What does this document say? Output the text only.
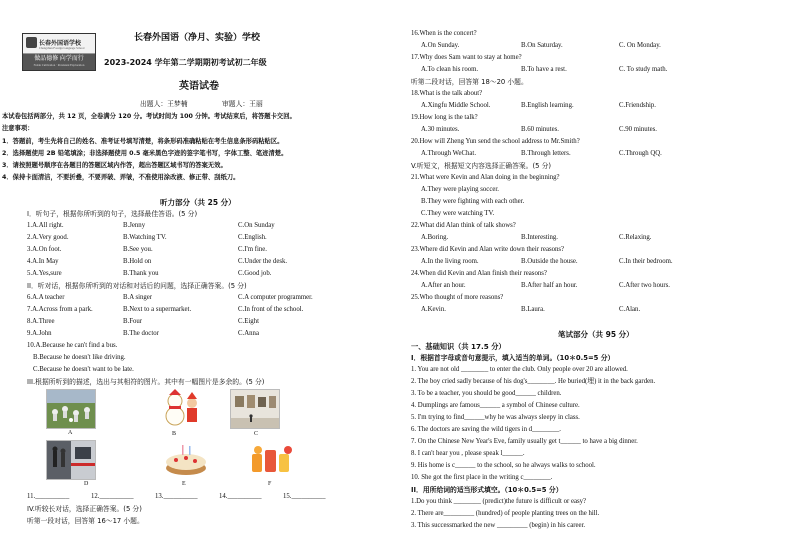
长春外国语学校
Changchun Foreign Language School
做品德修 向学而行
Noble Cultivation · Persistent Exploration
长春外国语（净月、实验）学校
2023-2024 学年第二学期期初考试初二年级
英语试卷
出题人：王梦楠	审题人：王丽
本试卷包括两部分，共 12 页，全卷满分 120 分。考试时间为 100 分钟。考试结束后，将答题卡交回。
注意事项：
1．答题前，考生先将自己的姓名、准考证号填写清楚，将条形码准确粘贴在考生信息条形码粘贴区。
2．选择题使用 2B 铅笔填涂；非选择题使用 0.5 毫米黑色字迹的签字笔书写，字体工整、笔迹清楚。
3．请按照题号顺序在各题目的答题区域内作答，超出答题区域书写的答案无效。
4．保持卡面清洁，不要折叠，不要弄破、弄皱，不准使用涂改液、修正带、刮纸刀。
听力部分（共 25 分）
I．听句子，根据你所听到的句子，选择最佳答语。(5 分)
1.A.All right.	B.Jenny	C.On Sunday
2.A.Very good.	B.Watching TV.	C.English.
3.A.On foot.	B.See you.	C.I'm fine.
4.A.In May	B.Hold on	C.Under the desk.
5.A.Yes,sure	B.Thank you	C.Good job.
II．听对话，根据你所听到的对话和对话后的问题，选择正确答案。(5 分)
6.A.A teacher	B.A singer	C.A computer programmer.
7.A.Across from a park.	B.Next to a supermarket.	C.In front of the school.
8.A.Three	B.Four	C.Eight
9.A.John	B.The doctor	C.Anna
10.A.Because he can't find a bus.
B.Because he doesn't like driving.
C.Because he doesn't want to be late.
III.根据所听到的描述，选出与其相符的图片。其中有一幅图片是多余的。(5 分)
A	B	C
D	E	F
11.__________	12.__________	13.__________	14.__________	15.__________
IV.听较长对话，选择正确答案。(5 分)
听第一段对话，回答第 16～17 小题。
16.When is the concert?
A.On Sunday.	B.On Saturday.	C. On Monday.
17.Why does Sam want to stay at home?
A.To clean his room.	B.To have a rest.	C. To study math.
听第二段对话，回答第 18～20 小题。
18.What is the talk about?
A.Xingfu Middle School.	B.English learning.	C.Friendship.
19.How long is the talk?
A.30 minutes.	B.60 minutes.	C.90 minutes.
20.How will Zheng Yun send the school address to Mr.Smith?
A.Through WeChat.	B.Through letters.	C.Through QQ.
V.听短文，根据短文内容选择正确答案。(5 分)
21.What were Kevin and Alan doing in the beginning?
A.They were playing soccer.
B.They were fighting with each other.
C.They were watching TV.
22.What did Alan think of talk shows?
A.Boring.	B.Interesting.	C.Relaxing.
23.Where did Kevin and Alan write down their reasons?
A.In the living room.	B.Outside the house.	C.In their bedroom.
24.When did Kevin and Alan finish their reasons?
A.After an hour.	B.After half an hour.	C.After two hours.
25.Who thought of more reasons?
A.Kevin.	B.Laura.	C.Alan.
笔试部分（共 95 分）
一、基础知识（共 17.5 分）
I．根据首字母或音句意提示，填入适当的单词。（10＊0.5=5 分）
1. You are not old ________ to enter the club. Only people over 20 are allowed.
2. The boy cried sadly because of his dog's________. He buried(埋) it in the back garden.
3. To be a teacher, you should be good______ children.
4. Dumplings are famous______ a symbol of Chinese culture.
5. I'm trying to find______why he was always sleepy in class.
6. The doctors are saving the wild tigers in d________.
7. On the Chinese New Year's Eve, family usually get t______ to have a big dinner.
8. I can't hear you , please speak l______.
9. His home is c______ to the school, so he always walks to school.
10. She got the first place in the writing c________.
II．用所给词的适当形式填空。（10＊0.5=5 分）
1.Do you think ________ (predict)the future is difficult or easy?
2. There are_________ (hundred) of people planting trees on the hill.
3. This successmarked the new _________ (begin) in his career.
